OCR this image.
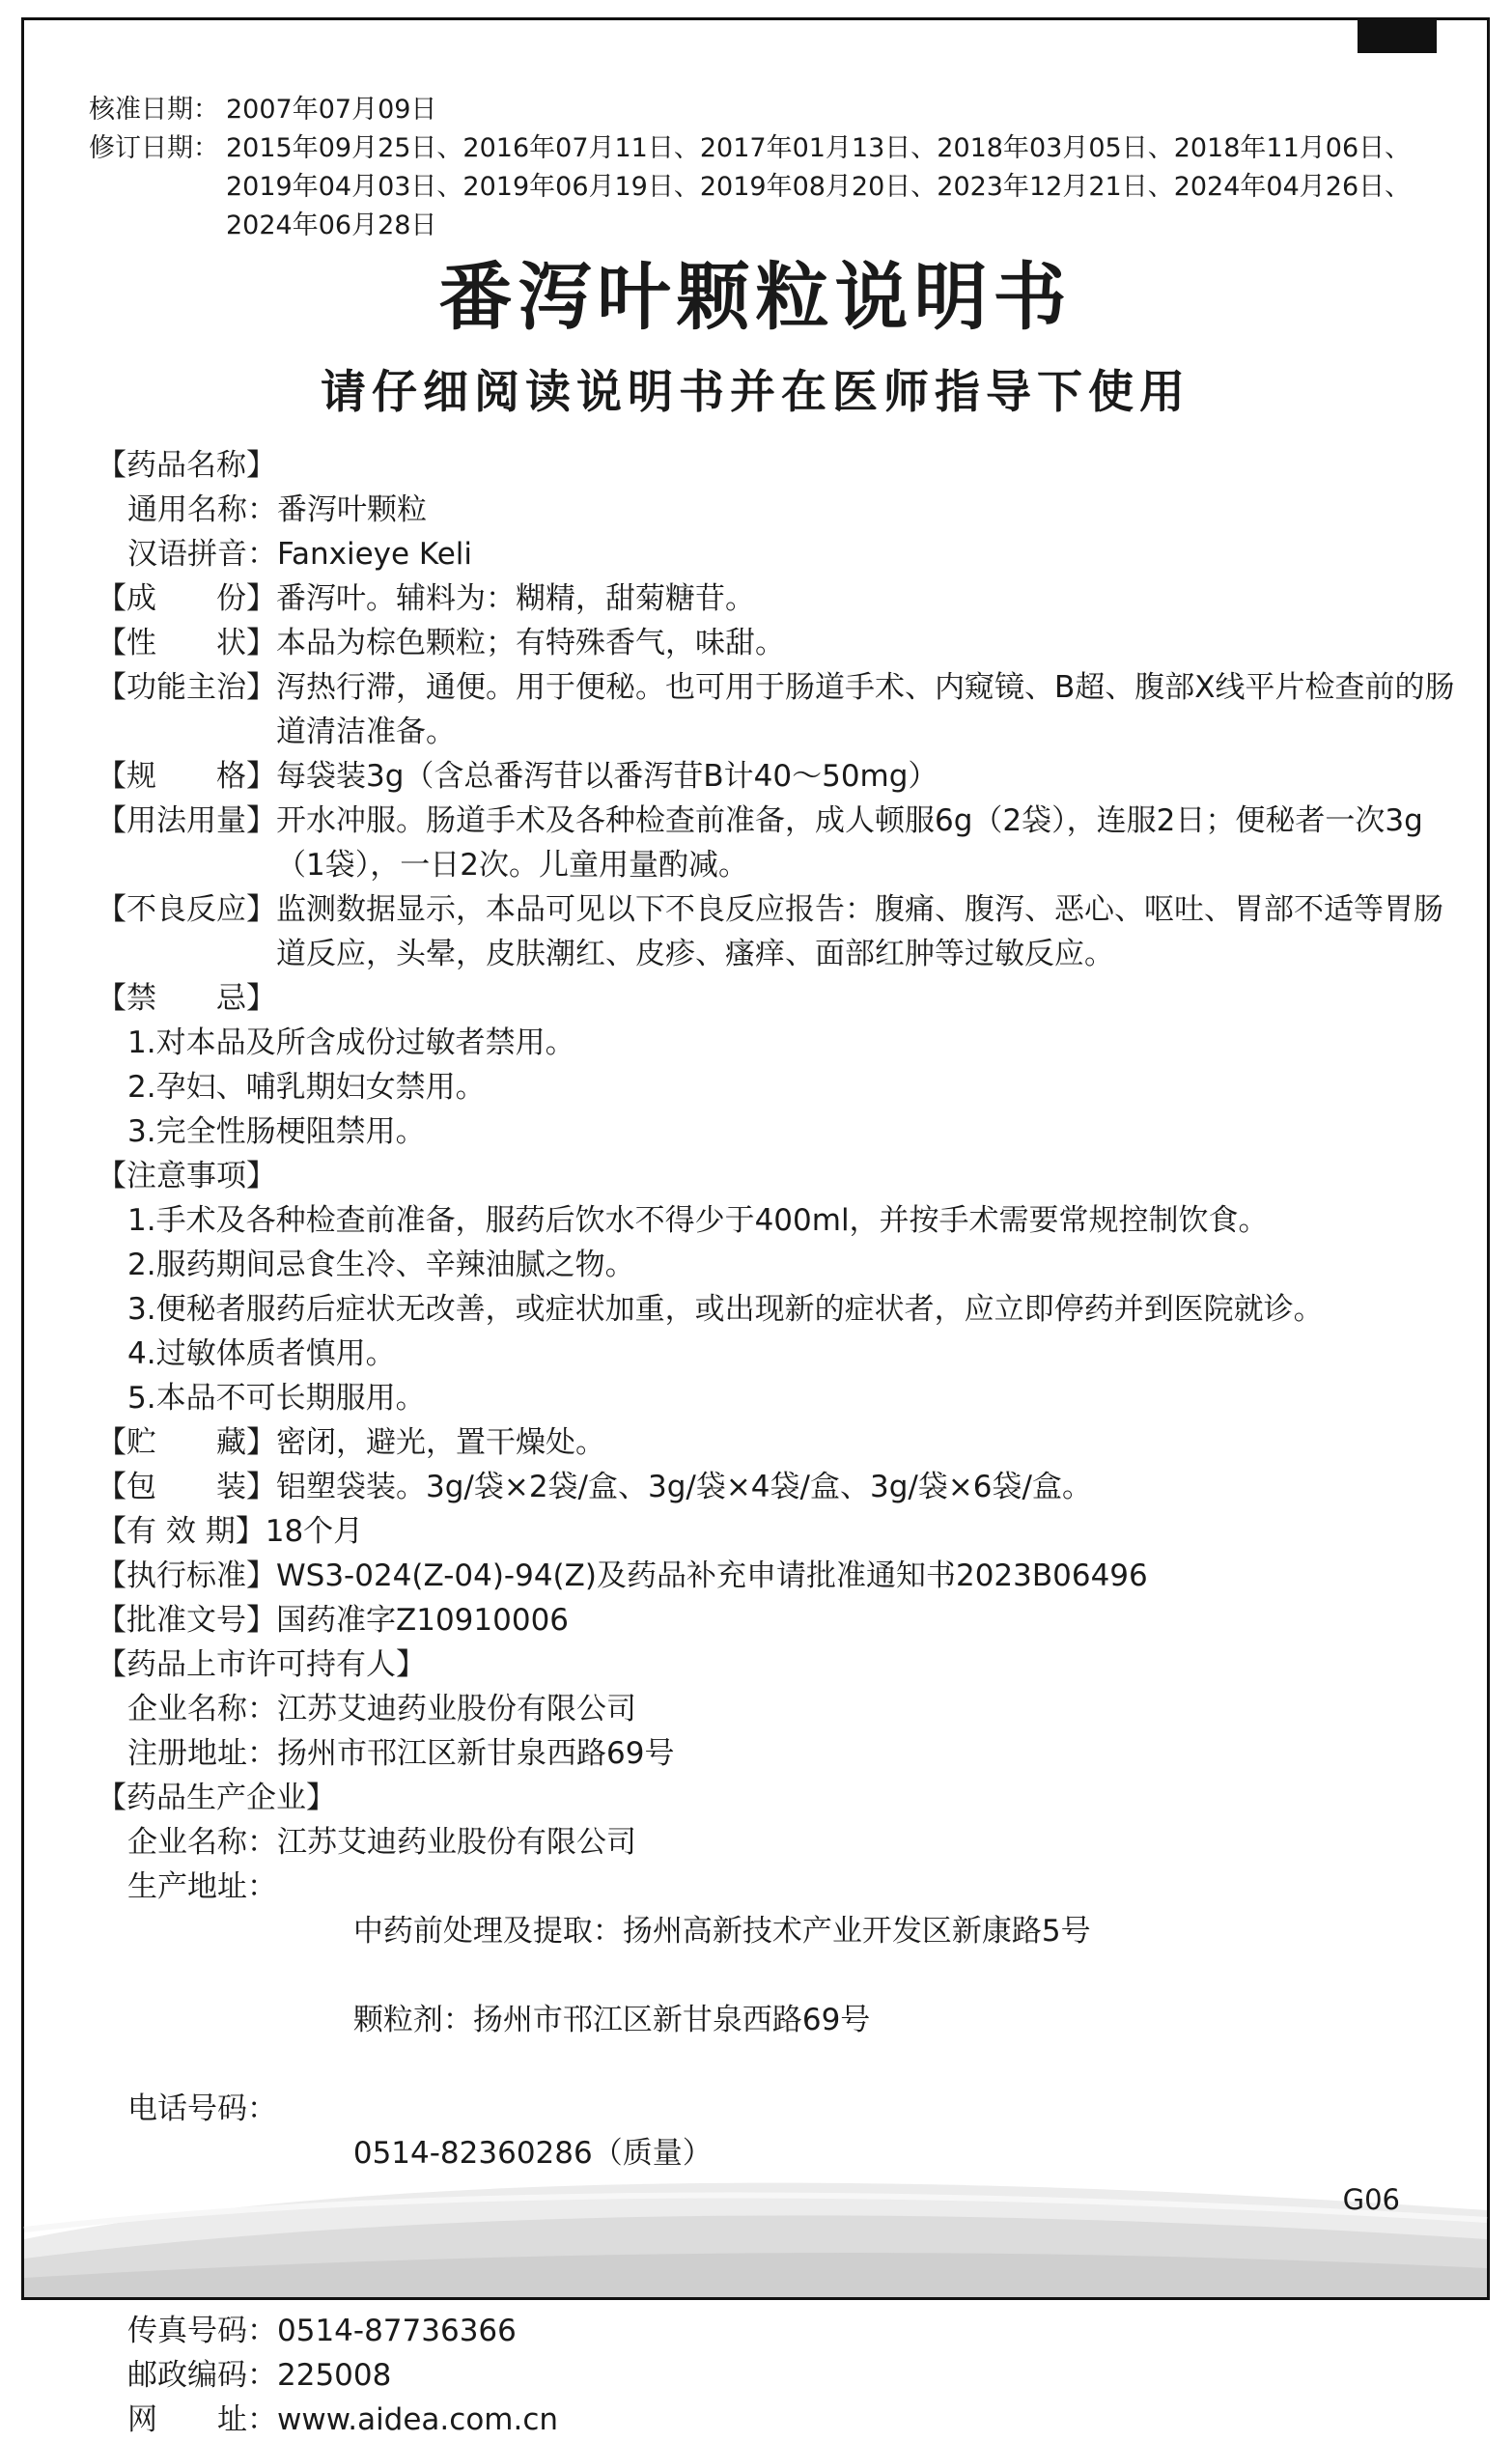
核准日期： 2007年07月09日
修订日期： 2015年09月25日、2016年07月11日、2017年01月13日、2018年03月05日、2018年11月06日、2019年04月03日、2019年06月19日、2019年08月20日、2023年12月21日、2024年04月26日、2024年06月28日
番泻叶颗粒说明书
请仔细阅读说明书并在医师指导下使用
【药品名称】
通用名称： 番泻叶颗粒
汉语拼音： Fanxieye Keli
【成　　份】 番泻叶。辅料为：糊精，甜菊糖苷。
【性　　状】 本品为棕色颗粒；有特殊香气，味甜。
【功能主治】 泻热行滞，通便。用于便秘。也可用于肠道手术、内窥镜、B超、腹部X线平片检查前的肠道清洁准备。
【规　　格】 每袋装3g（含总番泻苷以番泻苷B计40～50mg）
【用法用量】 开水冲服。肠道手术及各种检查前准备，成人顿服6g（2袋），连服2日；便秘者一次3g（1袋），一日2次。儿童用量酌减。
【不良反应】 监测数据显示，本品可见以下不良反应报告：腹痛、腹泻、恶心、呕吐、胃部不适等胃肠道反应，头晕，皮肤潮红、皮疹、瘙痒、面部红肿等过敏反应。
【禁　　忌】
1.对本品及所含成份过敏者禁用。
2.孕妇、哺乳期妇女禁用。
3.完全性肠梗阻禁用。
【注意事项】
1.手术及各种检查前准备，服药后饮水不得少于400ml，并按手术需要常规控制饮食。
2.服药期间忌食生冷、辛辣油腻之物。
3.便秘者服药后症状无改善，或症状加重，或出现新的症状者，应立即停药并到医院就诊。
4.过敏体质者慎用。
5.本品不可长期服用。
【贮　　藏】 密闭，避光，置干燥处。
【包　　装】 铝塑袋装。3g/袋×2袋/盒、3g/袋×4袋/盒、3g/袋×6袋/盒。
【有 效 期】 18个月
【执行标准】 WS3-024(Z-04)-94(Z)及药品补充申请批准通知书2023B06496
【批准文号】 国药准字Z10910006
【药品上市许可持有人】
企业名称： 江苏艾迪药业股份有限公司
注册地址： 扬州市邗江区新甘泉西路69号
【药品生产企业】
企业名称： 江苏艾迪药业股份有限公司
生产地址：

中药前处理及提取：扬州高新技术产业开发区新康路5号

颗粒剂：扬州市邗江区新甘泉西路69号

电话号码：

0514-82360286（质量）

传真号码： 0514-87736366
邮政编码： 225008
网　　址： www.aidea.com.cn
G06
